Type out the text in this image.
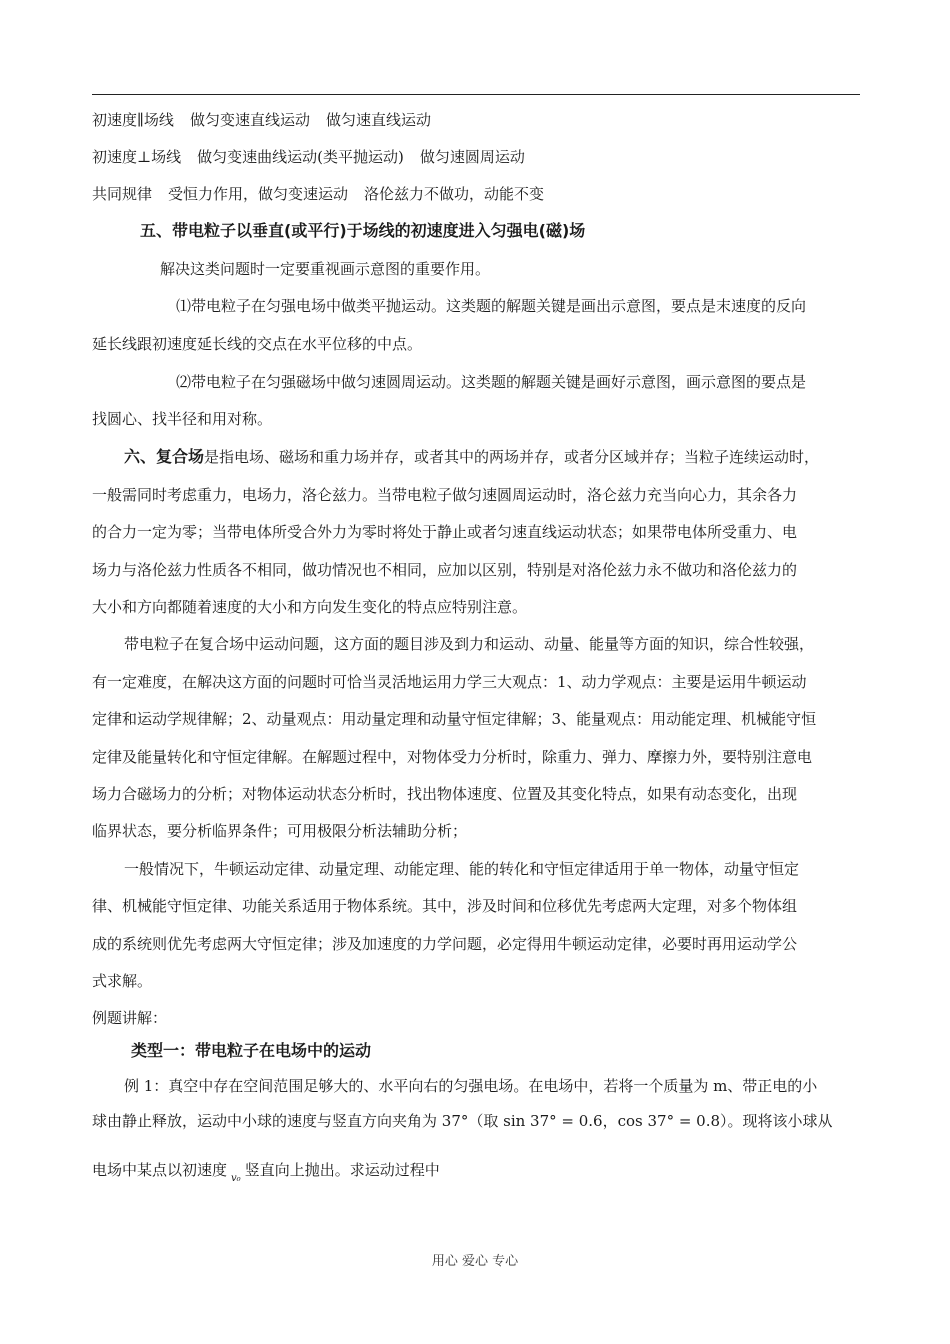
初速度∥场线 做匀变速直线运动 做匀速直线运动
初速度⊥场线 做匀变速曲线运动(类平抛运动) 做匀速圆周运动
共同规律 受恒力作用，做匀变速运动 洛伦兹力不做功，动能不变
五、带电粒子以垂直(或平行)于场线的初速度进入匀强电(磁)场
解决这类问题时一定要重视画示意图的重要作用。
⑴带电粒子在匀强电场中做类平抛运动。这类题的解题关键是画出示意图，要点是末速度的反向
延长线跟初速度延长线的交点在水平位移的中点。
⑵带电粒子在匀强磁场中做匀速圆周运动。这类题的解题关键是画好示意图，画示意图的要点是
找圆心、找半径和用对称。
六、复合场是指电场、磁场和重力场并存，或者其中的两场并存，或者分区域并存；当粒子连续运动时，
一般需同时考虑重力，电场力，洛仑兹力。当带电粒子做匀速圆周运动时，洛仑兹力充当向心力，其余各力
的合力一定为零；当带电体所受合外力为零时将处于静止或者匀速直线运动状态；如果带电体所受重力、电
场力与洛伦兹力性质各不相同，做功情况也不相同，应加以区别，特别是对洛伦兹力永不做功和洛伦兹力的
大小和方向都随着速度的大小和方向发生变化的特点应特别注意。
带电粒子在复合场中运动问题，这方面的题目涉及到力和运动、动量、能量等方面的知识，综合性较强，
有一定难度，在解决这方面的问题时可恰当灵活地运用力学三大观点：1、动力学观点：主要是运用牛顿运动
定律和运动学规律解；2、动量观点：用动量定理和动量守恒定律解；3、能量观点：用动能定理、机械能守恒
定律及能量转化和守恒定律解。在解题过程中，对物体受力分析时，除重力、弹力、摩擦力外，要特别注意电
场力合磁场力的分析；对物体运动状态分析时，找出物体速度、位置及其变化特点，如果有动态变化，出现
临界状态，要分析临界条件；可用极限分析法辅助分析；
一般情况下，牛顿运动定律、动量定理、动能定理、能的转化和守恒定律适用于单一物体，动量守恒定
律、机械能守恒定律、功能关系适用于物体系统。其中，涉及时间和位移优先考虑两大定理，对多个物体组
成的系统则优先考虑两大守恒定律；涉及加速度的力学问题，必定得用牛顿运动定律，必要时再用运动学公
式求解。
例题讲解：
类型一：带电粒子在电场中的运动
例 1：真空中存在空间范围足够大的、水平向右的匀强电场。在电场中，若将一个质量为 m、带正电的小
球由静止释放，运动中小球的速度与竖直方向夹角为 37°（取 sin 37° = 0.6，cos 37° = 0.8）。现将该小球从
电场中某点以初速度 $_{v_0}$ 竖直向上抛出。求运动过程中
用心 爱心 专心
